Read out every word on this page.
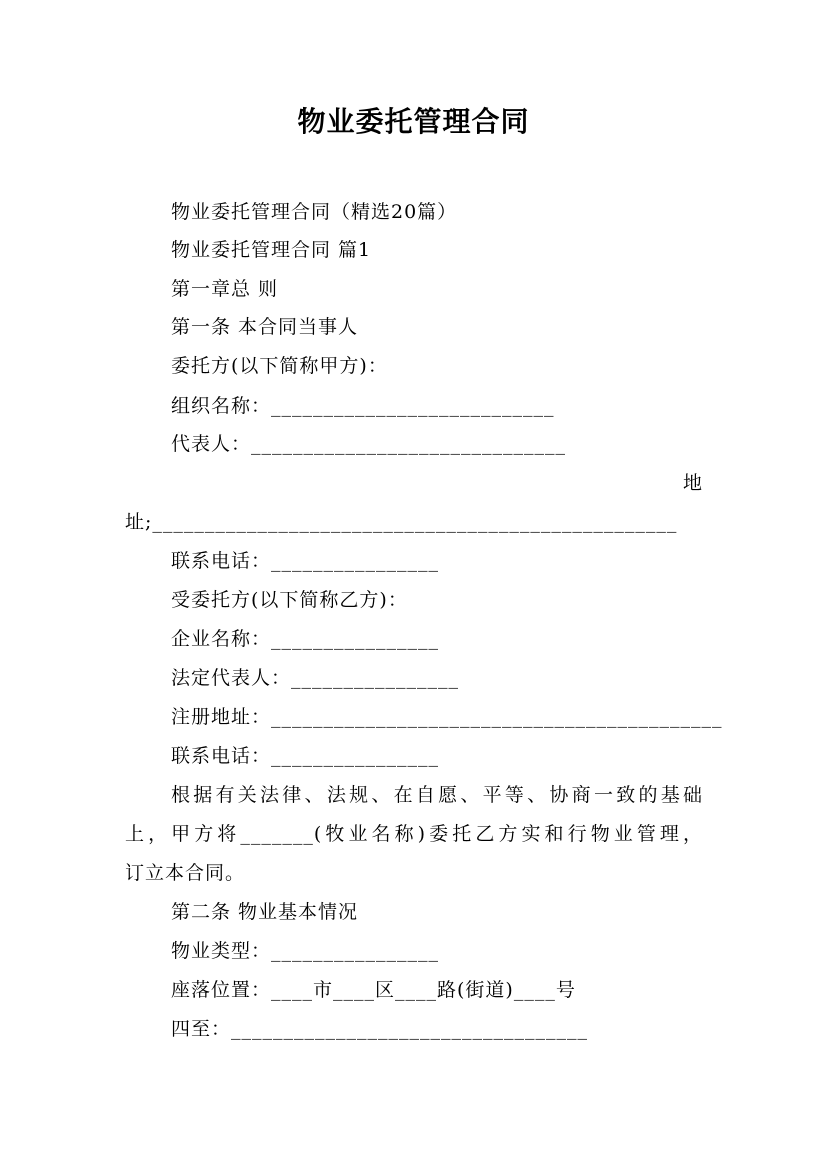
物业委托管理合同
物业委托管理合同（精选20篇）
物业委托管理合同 篇1
第一章总 则
第一条 本合同当事人
委托方(以下简称甲方)：
组织名称：___________________________
代表人：______________________________
地
址;__________________________________________________
联系电话：________________
受委托方(以下简称乙方)：
企业名称：________________
法定代表人：________________
注册地址：___________________________________________
联系电话：________________
根据有关法律、法规、在自愿、平等、协商一致的基础
上，甲方将_______(牧业名称)委托乙方实和行物业管理，
订立本合同。
第二条 物业基本情况
物业类型：________________
座落位置：____市____区____路(街道)____号
四至：__________________________________
